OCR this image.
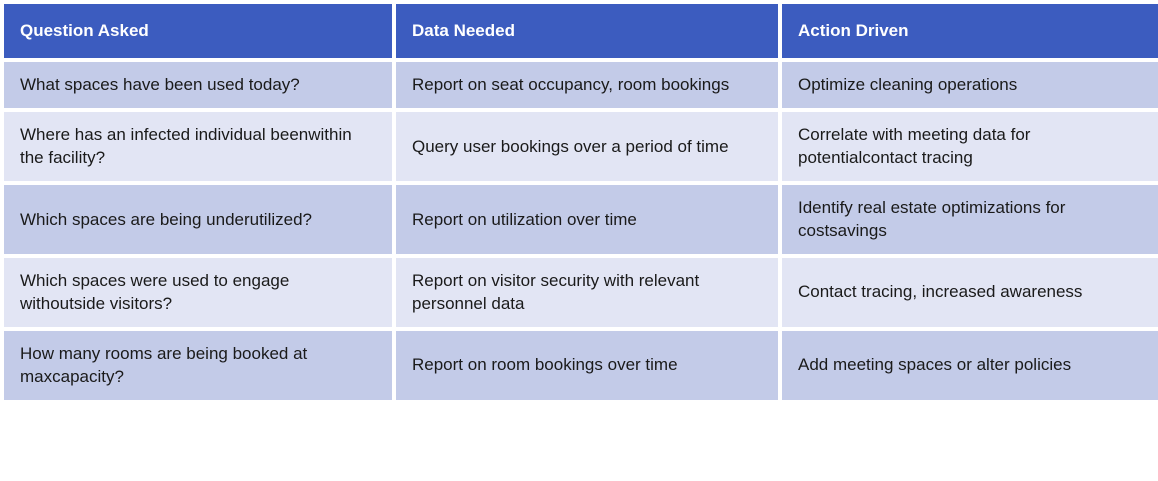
Question Asked	Data Needed	Action Driven

What spaces have been used today?	Report on seat occupancy, room bookings	Optimize cleaning operations

Where has an infected individual beenwithin the facility?	Query user bookings over a period of time	Correlate with meeting data for potentialcontact tracing

Which spaces are being underutilized?	Report on utilization over time	Identify real estate optimizations for costsavings

Which spaces were used to engage withoutside visitors?	Report on visitor security with relevant personnel data	Contact tracing, increased awareness

How many rooms are being booked at maxcapacity?	Report on room bookings over time	Add meeting spaces or alter policies
